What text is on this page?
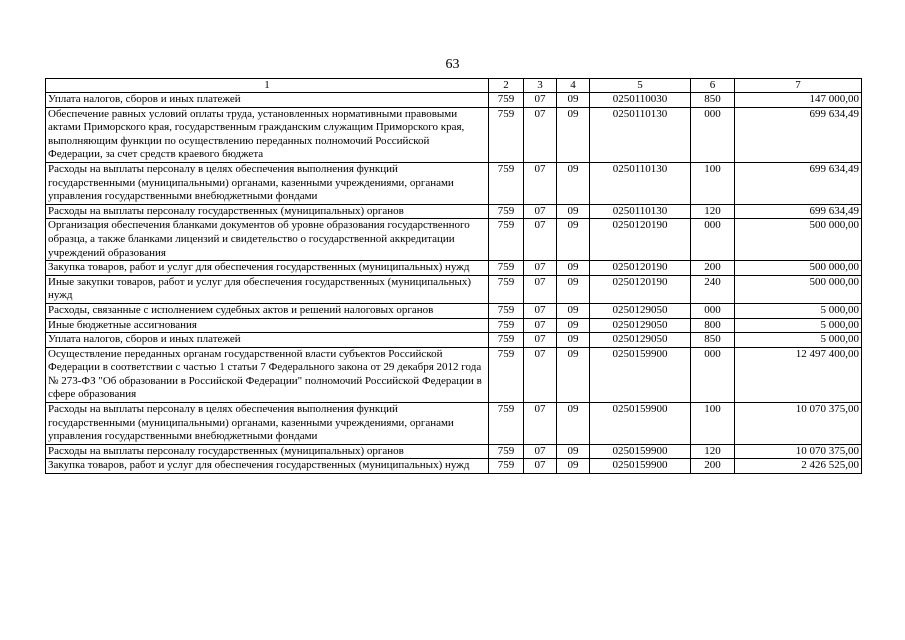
63
1	2	3	4	5	6	7
Уплата налогов, сборов и иных платежей	759	07	09	0250110030	850	147 000,00
Обеспечение равных условий оплаты труда, установленных нормативными правовыми актами Приморского края, государственным гражданским служащим Приморского края, выполняющим функции по осуществлению переданных полномочий Российской Федерации, за счет средств краевого бюджета	759	07	09	0250110130	000	699 634,49
Расходы на выплаты персоналу в целях обеспечения выполнения функций государственными (муниципальными) органами, казенными учреждениями, органами управления государственными внебюджетными фондами	759	07	09	0250110130	100	699 634,49
Расходы на выплаты персоналу государственных (муниципальных) органов	759	07	09	0250110130	120	699 634,49
Организация обеспечения бланками документов об уровне образования государственного образца, а также бланками лицензий и свидетельство о государственной аккредитации учреждений образования	759	07	09	0250120190	000	500 000,00
Закупка товаров, работ и услуг для обеспечения государственных (муниципальных) нужд	759	07	09	0250120190	200	500 000,00
Иные закупки товаров, работ и услуг для обеспечения государственных (муниципальных) нужд	759	07	09	0250120190	240	500 000,00
Расходы, связанные с исполнением судебных актов и решений налоговых органов	759	07	09	0250129050	000	5 000,00
Иные бюджетные ассигнования	759	07	09	0250129050	800	5 000,00
Уплата налогов, сборов и иных платежей	759	07	09	0250129050	850	5 000,00
Осуществление переданных органам государственной власти субъектов Российской Федерации в соответствии с частью 1 статьи 7 Федерального закона от 29 декабря 2012 года № 273-ФЗ "Об образовании в Российской Федерации" полномочий Российской Федерации в сфере образования	759	07	09	0250159900	000	12 497 400,00
Расходы на выплаты персоналу в целях обеспечения выполнения функций государственными (муниципальными) органами, казенными учреждениями, органами управления государственными внебюджетными фондами	759	07	09	0250159900	100	10 070 375,00
Расходы на выплаты персоналу государственных (муниципальных) органов	759	07	09	0250159900	120	10 070 375,00
Закупка товаров, работ и услуг для обеспечения государственных (муниципальных) нужд	759	07	09	0250159900	200	2 426 525,00
